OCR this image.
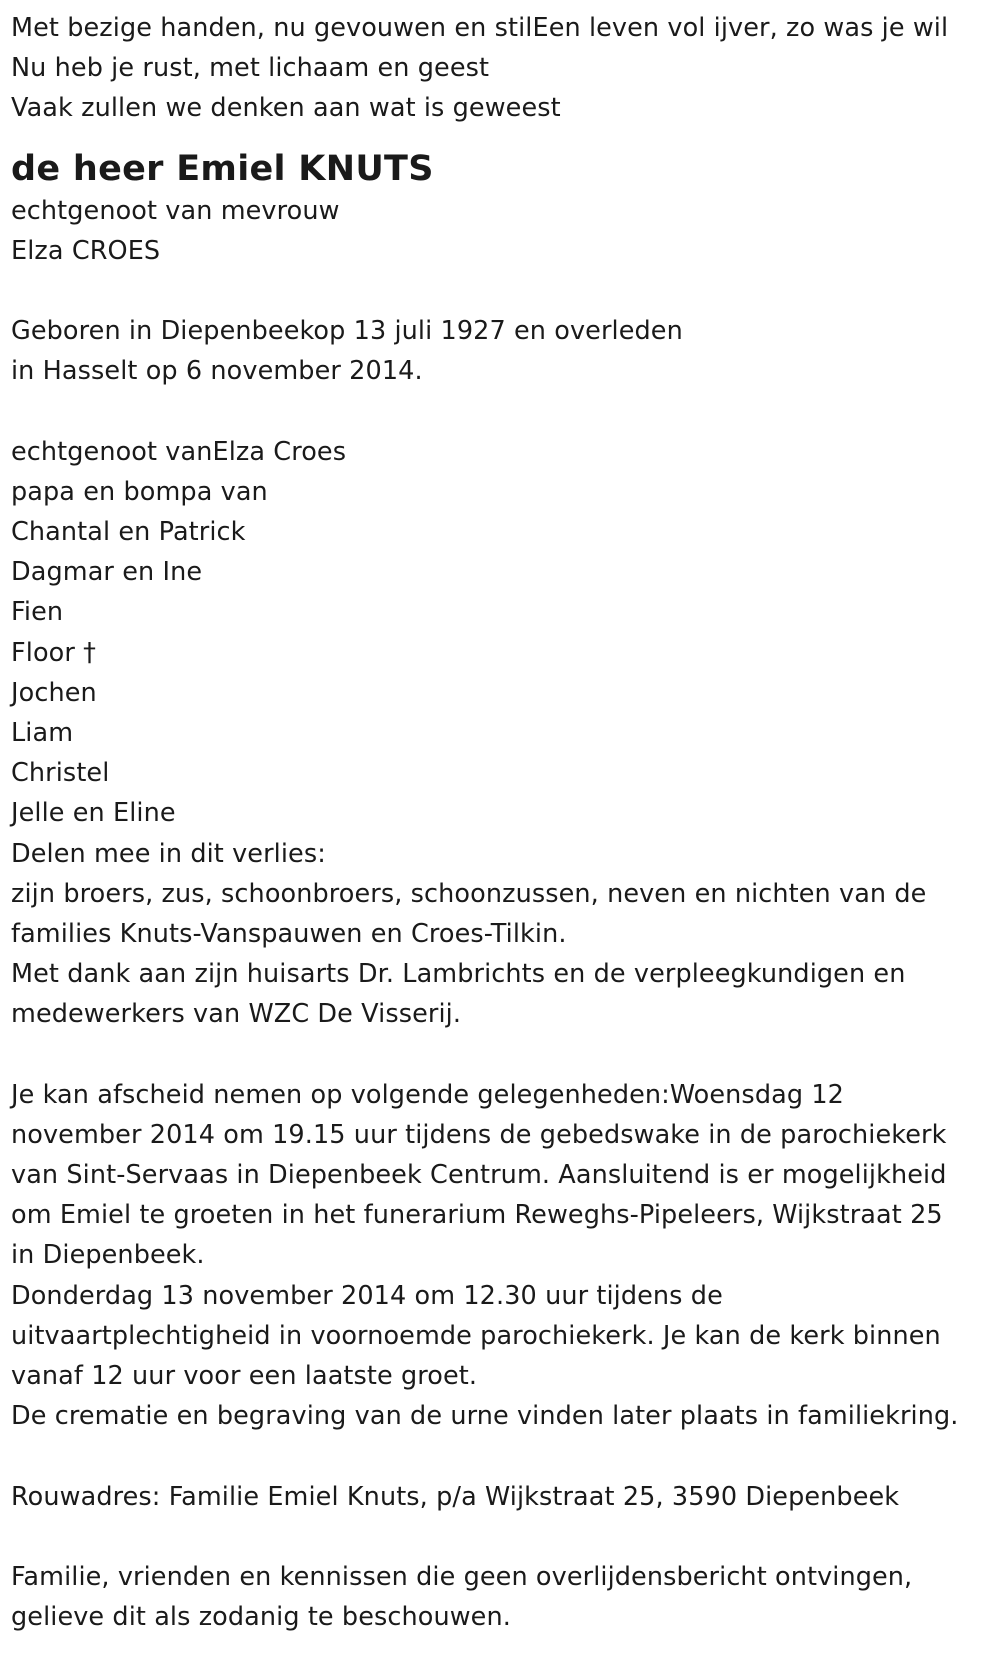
Met bezige handen, nu gevouwen en stilEen leven vol ijver, zo was je wil
Nu heb je rust, met lichaam en geest
Vaak zullen we denken aan wat is geweest
de heer Emiel KNUTS
echtgenoot van mevrouw
Elza CROES
Geboren in Diepenbeekop 13 juli 1927 en overleden
in Hasselt op 6 november 2014.
echtgenoot vanElza Croes
papa en bompa van
Chantal en Patrick
Dagmar en Ine
Fien
Floor †
Jochen
Liam
Christel
Jelle en Eline
Delen mee in dit verlies:
zijn broers, zus, schoonbroers, schoonzussen, neven en nichten van de
families Knuts-Vanspauwen en Croes-Tilkin.
Met dank aan zijn huisarts Dr. Lambrichts en de verpleegkundigen en
medewerkers van WZC De Visserij.
Je kan afscheid nemen op volgende gelegenheden:Woensdag 12
november 2014 om 19.15 uur tijdens de gebedswake in de parochiekerk
van Sint-Servaas in Diepenbeek Centrum. Aansluitend is er mogelijkheid
om Emiel te groeten in het funerarium Reweghs-Pipeleers, Wijkstraat 25
in Diepenbeek.
Donderdag 13 november 2014 om 12.30 uur tijdens de
uitvaartplechtigheid in voornoemde parochiekerk. Je kan de kerk binnen
vanaf 12 uur voor een laatste groet.
De crematie en begraving van de urne vinden later plaats in familiekring.
Rouwadres: Familie Emiel Knuts, p/a Wijkstraat 25, 3590 Diepenbeek
Familie, vrienden en kennissen die geen overlijdensbericht ontvingen,
gelieve dit als zodanig te beschouwen.
